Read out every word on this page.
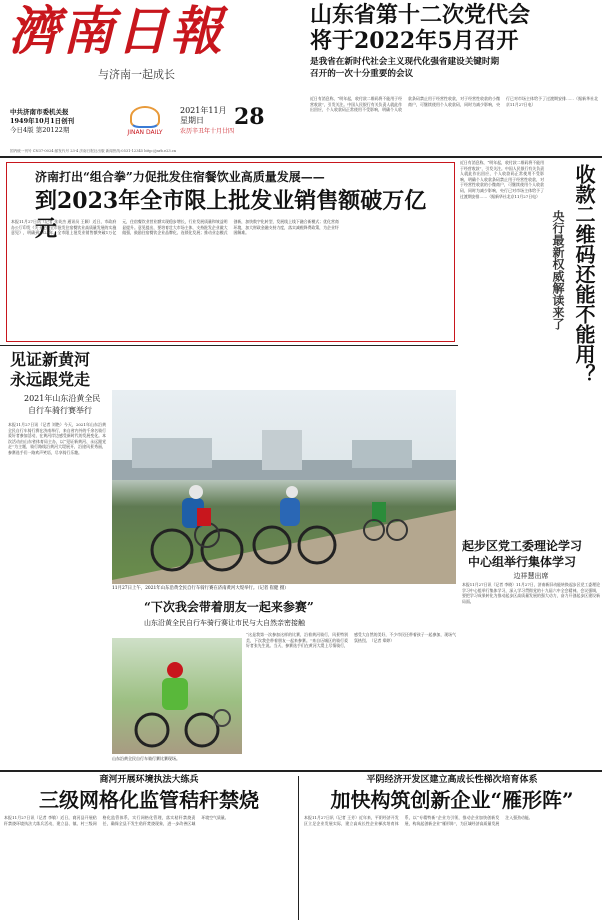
濟南日報
与济南一起成长
中共济南市委机关报
1949年10月1日创刊
今日4版 第20122期	JINAN DAILY
2021年11月
星期日	28
农历辛丑年十月廿四
国内统一刊号 CN37-0024 邮发代号 23-4 济南日报社出版 新闻热线:0531-12345 http://jnrb.e23.cn
山东省第十二次党代会
将于2022年5月召开
是我省在新时代社会主义现代化强省建设关键时期
召开的一次十分重要的会议
近日有消息称，“明年起，收付款二维码将不能用于经营收款”，引发关注。中国人民银行有关负责人就此作出回应，个人收款码正常使用不受影响，明确个人收款条码禁止用于经营性收款，对于经营性收款的小微商户，可继续使用个人收款码，同时为减少影响，央行已对市场主体给予了过渡期安排……（据新华社北京11月27日电）
济南打出“组合拳”力促批发住宿餐饮业高质量发展——
到2023年全市限上批发业销售额破万亿元
本报11月27日讯（记者 张英杰 通讯员 王颖）近日，市政府办公厅印发《关于促进全市批发住宿餐饮业高质量发展的实施意见》，明确到2023年，全市限上批发业销售额突破1万亿元，住宿餐饮业营业额实现稳步增长，行业发展质量和效益明显提升。意见提出，要培育壮大市场主体，支持批发企业做大做强，鼓励住宿餐饮企业品牌化、连锁化发展；推动业态模式创新，加快数字化转型，发展线上线下融合新模式；优化营商环境，加大财政金融支持力度，落实减税降费政策，为企业纾困解难。	收款二维码还能不能用？
央行最新权威解读来了
近日有消息称，“明年起，收付款二维码将不能用于经营收款”，引发关注。中国人民银行有关负责人就此作出回应，个人收款码正常使用不受影响，明确个人收款条码禁止用于经营性收款，对于经营性收款的小微商户，可继续使用个人收款码，同时为减少影响，央行已对市场主体给予了过渡期安排……（据新华社北京11月27日电）
见证新黄河
永远跟党走
2021年山东沿黄全民
自行车骑行赛举行
本报11月27日讯（记者 刘艳）今天，2021年山东沿黄全民自行车骑行赛在济南举行，来自省内外的千余名骑行爱好者参加活动，在黄河岸边感受新时代的发展变化。本次活动由山东省体育局主办，以“见证新黄河、永远跟党走”为主题，骑行路线沿黄河大堤展开，沿途风景秀丽，参赛选手们一路欢声笑语，尽享骑行乐趣。
11月27日上午，2021年山东沿黄全民自行车骑行赛在济南黄河大堤举行。（记者 崔健 摄）
“下次我会带着朋友一起来参赛”
山东沿黄全民自行车骑行赛让市民与大自然亲密接触
山东沿黄全民自行车骑行赛比赛现场。
“这是我第一次参加这样的比赛，沿着黄河骑行，风景特别美，下次我会带着朋友一起来参赛。”来自历城区的骑行爱好者张先生说。当天，参赛选手们在黄河大堤上尽情骑行，感受大自然的美好，不少市民还带着孩子一起参加，现场气氛热烈。（记者 郑婷）
起步区党工委理论学习
中心组举行集体学习
边祥慧出席
本报11月27日讯（记者 李晓）11月27日，济南新旧动能转换起步区党工委理论学习中心组举行集体学习，深入学习贯彻党的十九届六中全会精神。会议强调，要把学习成果转化为推动起步区高质量发展的强大动力，奋力开创起步区建设新局面。
商河开展环境执法大练兵
三级网格化监管秸秆禁烧
本报11月27日讯（记者 李敏）近日，商河县开展秸秆禁烧环境执法大练兵活动，建立县、镇、村三级网格化监管体系，实行网格化管理，落实秸秆禁烧责任，确保全县不发生秸秆焚烧现象，进一步改善区域环境空气质量。
平阴经济开发区建立高成长性梯次培育体系
加快构筑创新企业“雁形阵”
本报11月27日讯（记者 王芳）近年来，平阴经济开发区立足企业发展实际，建立高成长性企业梯次培育体系，以“专精特新”企业为引领，推动企业加快创新发展，构筑起创新企业“雁形阵”，为区域经济高质量发展注入强劲动能。
